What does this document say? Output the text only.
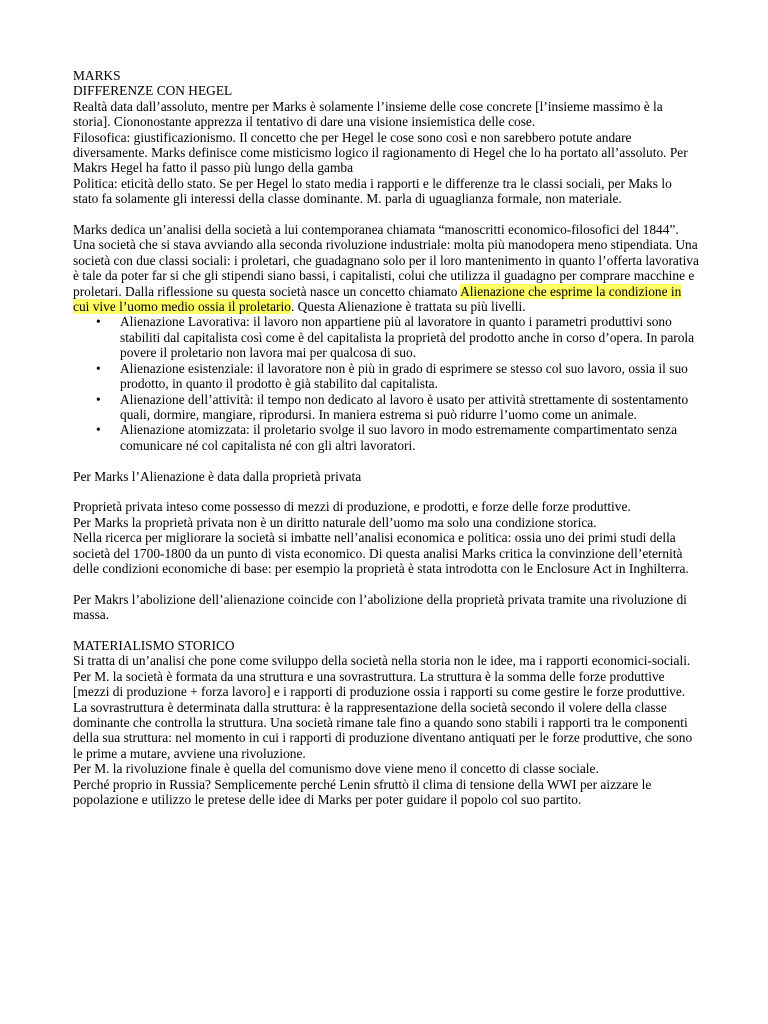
MARKS

DIFFERENZE CON HEGEL

Realtà data dall’assoluto, mentre per Marks è solamente l’insieme delle cose concrete [l’insieme massimo è la storia]. Ciononostante apprezza il tentativo di dare una visione insiemistica delle cose.

Filosofica: giustificazionismo. Il concetto che per Hegel le cose sono così e non sarebbero potute andare diversamente. Marks definisce come misticismo logico il ragionamento di Hegel che lo ha portato all’assoluto. Per Makrs Hegel ha fatto il passo più lungo della gamba

Politica: eticità dello stato. Se per Hegel lo stato media i rapporti e le differenze tra le classi sociali, per Maks lo stato fa solamente gli interessi della classe dominante. M. parla di uguaglianza formale, non materiale.

Marks dedica un’analisi della società a lui contemporanea chiamata “manoscritti economico-filosofici del 1844”. Una società che si stava avviando alla seconda rivoluzione industriale: molta più manodopera meno stipendiata. Una società con due classi sociali: i proletari, che guadagnano solo per il loro mantenimento in quanto l’offerta lavorativa è tale da poter far si che gli stipendi siano bassi, i capitalisti, colui che utilizza il guadagno per comprare macchine e proletari. Dalla riflessione su questa società nasce un concetto chiamato Alienazione che esprime la condizione in cui vive l’uomo medio ossia il proletario. Questa Alienazione è trattata su più livelli.

• Alienazione Lavorativa: il lavoro non appartiene più al lavoratore in quanto i parametri produttivi sono stabiliti dal capitalista così come è del capitalista la proprietà del prodotto anche in corso d’opera. In parola povere il proletario non lavora mai per qualcosa di suo.
• Alienazione esistenziale: il lavoratore non è più in grado di esprimere se stesso col suo lavoro, ossia il suo prodotto, in quanto il prodotto è già stabilito dal capitalista.
• Alienazione dell’attività: il tempo non dedicato al lavoro è usato per attività strettamente di sostentamento quali, dormire, mangiare, riprodursi. In maniera estrema si può ridurre l’uomo come un animale.
• Alienazione atomizzata: il proletario svolge il suo lavoro in modo estremamente compartimentato senza comunicare né col capitalista né con gli altri lavoratori.

Per Marks l’Alienazione è data dalla proprietà privata

Proprietà privata inteso come possesso di mezzi di produzione, e prodotti, e forze delle forze produttive.

Per Marks la proprietà privata non è un diritto naturale dell’uomo ma solo una condizione storica.

Nella ricerca per migliorare la società si imbatte nell’analisi economica e politica: ossia uno dei primi studi della società del 1700-1800 da un punto di vista economico. Di questa analisi Marks critica la convinzione dell’eternità delle condizioni economiche di base: per esempio la proprietà è stata introdotta con le Enclosure Act in Inghilterra.

Per Makrs l’abolizione dell’alienazione coincide con l’abolizione della proprietà privata tramite una rivoluzione di massa.

MATERIALISMO STORICO

Si tratta di un’analisi che pone come sviluppo della società nella storia non le idee, ma i rapporti economici-sociali. Per M. la società è formata da una struttura e una sovrastruttura. La struttura è la somma delle forze produttive [mezzi di produzione + forza lavoro] e i rapporti di produzione ossia i rapporti su come gestire le forze produttive. La sovrastruttura è determinata dalla struttura: è la rappresentazione della società secondo il volere della classe dominante che controlla la struttura. Una società rimane tale fino a quando sono stabili i rapporti tra le componenti della sua struttura: nel momento in cui i rapporti di produzione diventano antiquati per le forze produttive, che sono le prime a mutare, avviene una rivoluzione.

Per M. la rivoluzione finale è quella del comunismo dove viene meno il concetto di classe sociale.

Perché proprio in Russia? Semplicemente perché Lenin sfruttò il clima di tensione della WWI per aizzare le popolazione e utilizzo le pretese delle idee di Marks per poter guidare il popolo col suo partito.
